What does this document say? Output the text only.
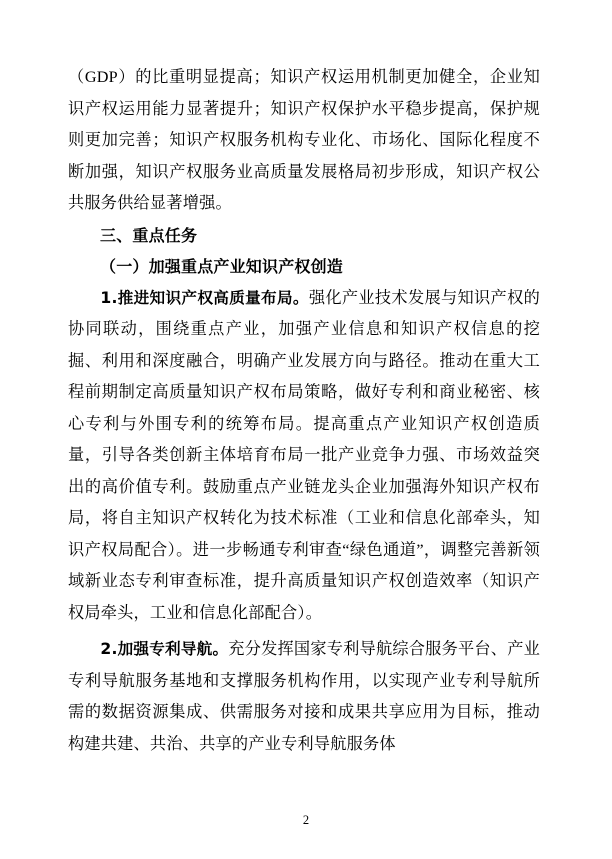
（GDP）的比重明显提高；知识产权运用机制更加健全，企业知识产权运用能力显著提升；知识产权保护水平稳步提高，保护规则更加完善；知识产权服务机构专业化、市场化、国际化程度不断加强，知识产权服务业高质量发展格局初步形成，知识产权公共服务供给显著增强。

三、重点任务

（一）加强重点产业知识产权创造

1.推进知识产权高质量布局。强化产业技术发展与知识产权的协同联动，围绕重点产业，加强产业信息和知识产权信息的挖掘、利用和深度融合，明确产业发展方向与路径。推动在重大工程前期制定高质量知识产权布局策略，做好专利和商业秘密、核心专利与外围专利的统筹布局。提高重点产业知识产权创造质量，引导各类创新主体培育布局一批产业竞争力强、市场效益突出的高价值专利。鼓励重点产业链龙头企业加强海外知识产权布局，将自主知识产权转化为技术标准（工业和信息化部牵头，知识产权局配合）。进一步畅通专利审查“绿色通道”，调整完善新领域新业态专利审查标准，提升高质量知识产权创造效率（知识产权局牵头，工业和信息化部配合）。

2.加强专利导航。充分发挥国家专利导航综合服务平台、产业专利导航服务基地和支撑服务机构作用，以实现产业专利导航所需的数据资源集成、供需服务对接和成果共享应用为目标，推动构建共建、共治、共享的产业专利导航服务体

2
